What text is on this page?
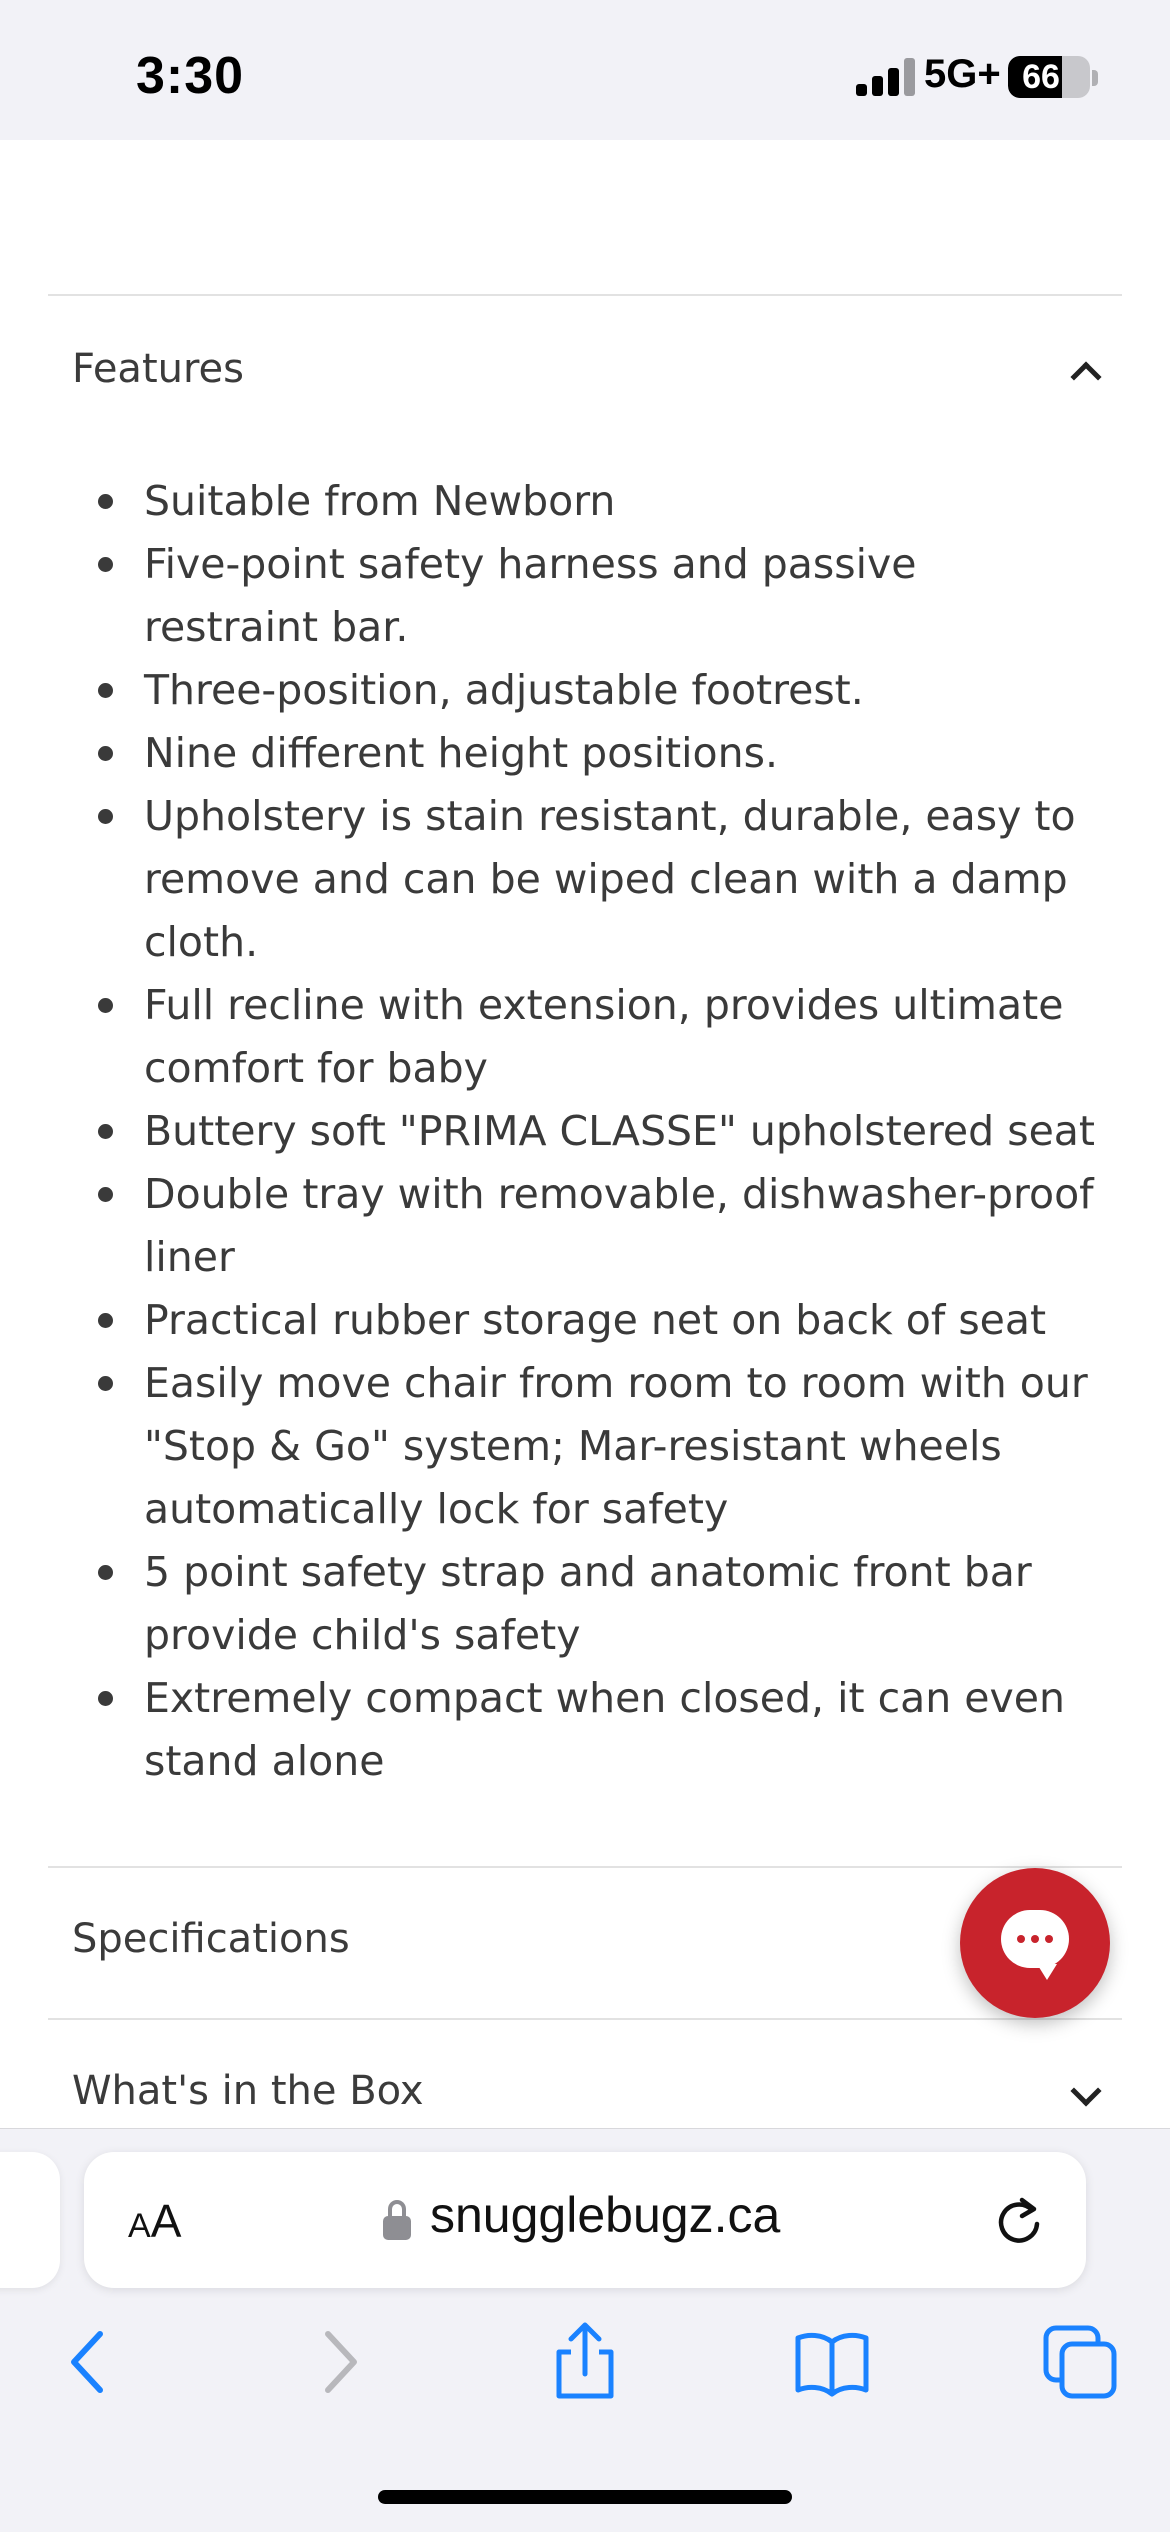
3:30	5G+ 66
Features
Suitable from Newborn
Five-point safety harness and passive restraint bar.
Three-position, adjustable footrest.
Nine different height positions.
Upholstery is stain resistant, durable, easy to remove and can be wiped clean with a damp cloth.
Full recline with extension, provides ultimate comfort for baby
Buttery soft "PRIMA CLASSE" upholstered seat
Double tray with removable, dishwasher-proof liner
Practical rubber storage net on back of seat
Easily move chair from room to room with our "Stop & Go" system; Mar-resistant wheels automatically lock for safety
5 point safety strap and anatomic front bar provide child's safety
Extremely compact when closed, it can even stand alone
Specifications
What's in the Box
AA	snugglebugz.ca
